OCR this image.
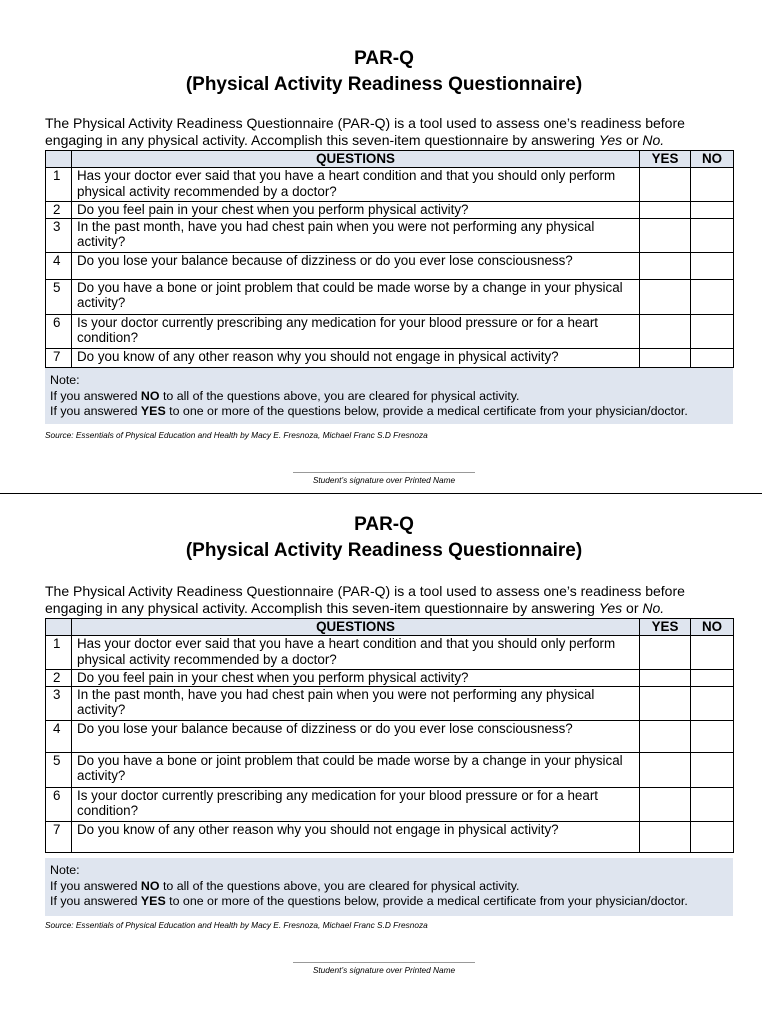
PAR-Q
(Physical Activity Readiness Questionnaire)
The Physical Activity Readiness Questionnaire (PAR-Q) is a tool used to assess one’s readiness before engaging in any physical activity. Accomplish this seven-item questionnaire by answering Yes or No.
	QUESTIONS	YES	NO
1	Has your doctor ever said that you have a heart condition and that you should only perform physical activity recommended by a doctor?		
2	Do you feel pain in your chest when you perform physical activity?		
3	In the past month, have you had chest pain when you were not performing any physical activity?		
4	Do you lose your balance because of dizziness or do you ever lose consciousness?		
5	Do you have a bone or joint problem that could be made worse by a change in your physical activity?		
6	Is your doctor currently prescribing any medication for your blood pressure or for a heart condition?		
7	Do you know of any other reason why you should not engage in physical activity?		
Note:
If you answered NO to all of the questions above, you are cleared for physical activity.
If you answered YES to one or more of the questions below, provide a medical certificate from your physician/doctor.
Source: Essentials of Physical Education and Health by Macy E. Fresnoza, Michael Franc S.D Fresnoza
Student’s signature over Printed Name
PAR-Q
(Physical Activity Readiness Questionnaire)
The Physical Activity Readiness Questionnaire (PAR-Q) is a tool used to assess one’s readiness before engaging in any physical activity. Accomplish this seven-item questionnaire by answering Yes or No.
	QUESTIONS	YES	NO
1	Has your doctor ever said that you have a heart condition and that you should only perform physical activity recommended by a doctor?		
2	Do you feel pain in your chest when you perform physical activity?		
3	In the past month, have you had chest pain when you were not performing any physical activity?		
4	Do you lose your balance because of dizziness or do you ever lose consciousness?		
5	Do you have a bone or joint problem that could be made worse by a change in your physical activity?		
6	Is your doctor currently prescribing any medication for your blood pressure or for a heart condition?		
7	Do you know of any other reason why you should not engage in physical activity?		
Note:
If you answered NO to all of the questions above, you are cleared for physical activity.
If you answered YES to one or more of the questions below, provide a medical certificate from your physician/doctor.
Source: Essentials of Physical Education and Health by Macy E. Fresnoza, Michael Franc S.D Fresnoza
Student’s signature over Printed Name
